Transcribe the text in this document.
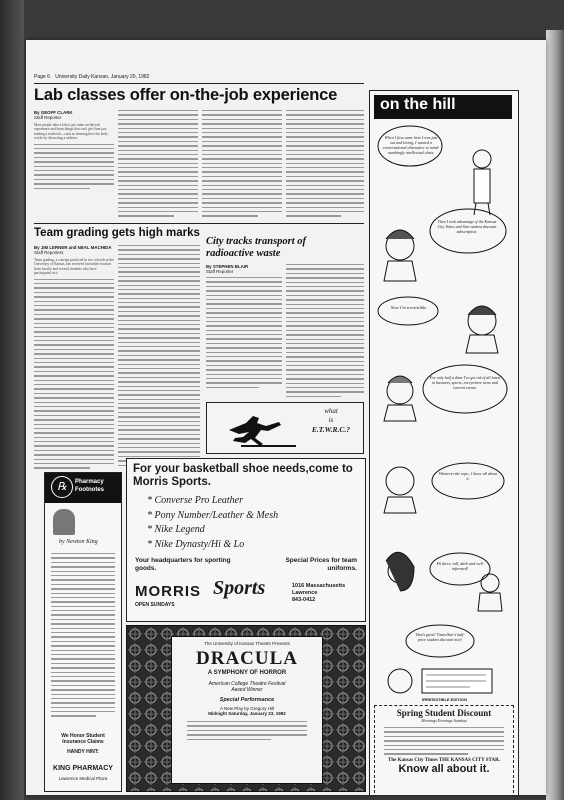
Page 6 University Daily Kansan, January 20, 1982
Lab classes offer on-the-job experience
By GEOFF CLARK
Staff Reporter
Most people take a lab to get some on-the-job experience and learn things that can't get from just reading a textbook—such as learning how the body works by dissecting a cadaver.
Team grading gets high marks
By JIM LERNER and NEAL MACHIDA
Staff Reporters
Team grading, a concept practiced in two schools at the University of Kansas, has received favorable reaction from faculty and several students who have participated in it.
City tracks transport of radioactive waste
By STEPHEN BLAIR
Staff Reporter
what
is
E.T.W.R.C.?
For your basketball shoe needs,come to Morris Sports.
* Converse Pro Leather
* Pony Number/Leather & Mesh
* Nike Legend
* Nike Dynasty/Hi & Lo
Your headquarters for sporting goods.
Special Prices for team uniforms.
MORRIS Sports
OPEN SUNDAYS
1016 Massachusetts
Lawrence
843-0412
℞	Pharmacy Footnotes
by Newton King
We Honor Student Insurance Claims
HANDY HINT:
KING PHARMACY
Lawrence Medical Plaza
The University of Kansas Theatre Presents
DRACULA
A SYMPHONY OF HORROR
American College Theatre Festival
Award Winner
Special Performance
A New Play by Gregory Hill
Midnight Saturday, January 23, 1982
on the hill
When I first came here I was just out and loving, I wanted a conversational alternative to mind-numbingly intellectual chats.
Then I took advantage of the Kansas City Times and Star student discount subscription.
Now I'm irresistible.
For only half a dime I've got rid of all latest in business, sports, everywhere news and current events.
Whatever the topic, I know all about it.
Hi there, tall, dark and well informed!
That's great! Times/Star's half-price student discount now!
IRRESISTIBLE EDITION
Spring Student Discount
Mornings Evenings Sundays
The Kansas City Times THE KANSAS CITY STAR.
Know all about it.
